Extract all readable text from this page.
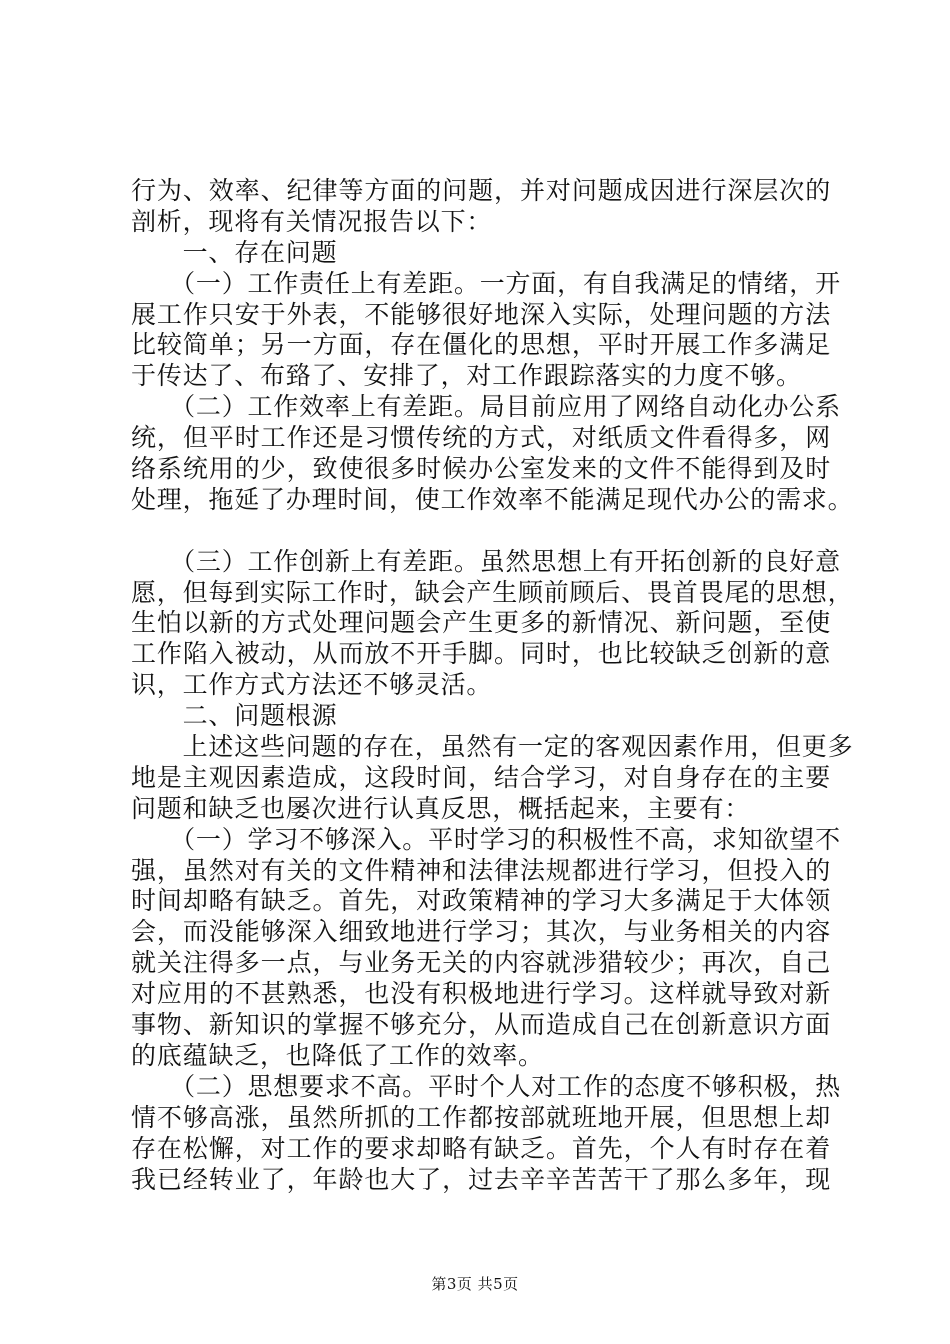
行为、效率、纪律等方面的问题，并对问题成因进行深层次的
剖析，现将有关情况报告以下：
　　一、存在问题
　　（一）工作责任上有差距。一方面，有自我满足的情绪，开
展工作只安于外表，不能够很好地深入实际，处理问题的方法
比较简单；另一方面，存在僵化的思想，平时开展工作多满足
于传达了、布臵了、安排了，对工作跟踪落实的力度不够。
　　（二）工作效率上有差距。局目前应用了网络自动化办公系
统，但平时工作还是习惯传统的方式，对纸质文件看得多，网
络系统用的少，致使很多时候办公室发来的文件不能得到及时
处理，拖延了办理时间，使工作效率不能满足现代办公的需求。
　　（三）工作创新上有差距。虽然思想上有开拓创新的良好意
愿，但每到实际工作时，缺会产生顾前顾后、畏首畏尾的思想，
生怕以新的方式处理问题会产生更多的新情况、新问题，至使
工作陷入被动，从而放不开手脚。同时，也比较缺乏创新的意
识，工作方式方法还不够灵活。
　　二、问题根源
　　上述这些问题的存在，虽然有一定的客观因素作用，但更多
地是主观因素造成，这段时间，结合学习，对自身存在的主要
问题和缺乏也屡次进行认真反思，概括起来，主要有：
　　（一）学习不够深入。平时学习的积极性不高，求知欲望不
强，虽然对有关的文件精神和法律法规都进行学习，但投入的
时间却略有缺乏。首先，对政策精神的学习大多满足于大体领
会，而没能够深入细致地进行学习；其次，与业务相关的内容
就关注得多一点，与业务无关的内容就涉猎较少；再次，自己
对应用的不甚熟悉，也没有积极地进行学习。这样就导致对新
事物、新知识的掌握不够充分，从而造成自己在创新意识方面
的底蕴缺乏，也降低了工作的效率。
　　（二）思想要求不高。平时个人对工作的态度不够积极，热
情不够高涨，虽然所抓的工作都按部就班地开展，但思想上却
存在松懈，对工作的要求却略有缺乏。首先，个人有时存在着
我已经转业了，年龄也大了，过去辛辛苦苦干了那么多年，现
第3页 共5页
